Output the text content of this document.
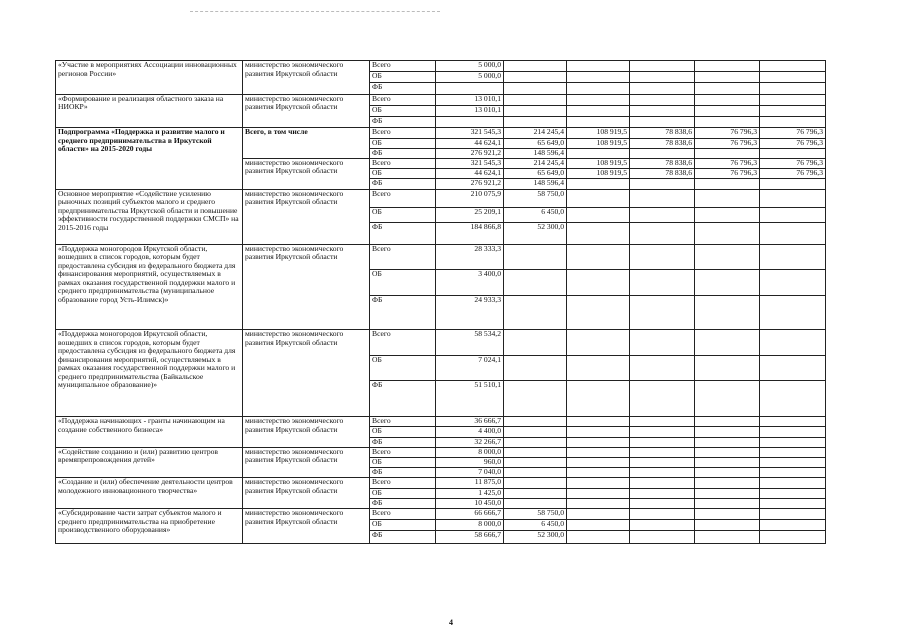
«Участие в мероприятиях Ассоциации инновационных регионов России»	министерство экономического развития Иркутской области	Всего	5 000,0					
		ОБ	5 000,0					
		ФБ						
«Формирование и реализация областного заказа на НИОКР»	министерство экономического развития Иркутской области	Всего	13 010,1					
		ОБ	13 010,1					
		ФБ						
Подпрограмма «Поддержка и развитие малого и среднего предпринимательства в Иркутской области» на 2015-2020 годы	Всего, в том числе	Всего	321 545,3	214 245,4	108 919,5	78 838,6	76 796,3	76 796,3
		ОБ	44 624,1	65 649,0	108 919,5	78 838,6	76 796,3	76 796,3
		ФБ	276 921,2	148 596,4				
	министерство экономического развития Иркутской области	Всего	321 545,3	214 245,4	108 919,5	78 838,6	76 796,3	76 796,3
		ОБ	44 624,1	65 649,0	108 919,5	78 838,6	76 796,3	76 796,3
		ФБ	276 921,2	148 596,4				
Основное мероприятие «Содействие усилению рыночных позиций субъектов малого и среднего предпринимательства Иркутской области и повышение эффективности государственной поддержки СМСП» на 2015-2016 годы	министерство экономического развития Иркутской области	Всего	210 075,9	58 750,0				
		ОБ	25 209,1	6 450,0				
		ФБ	184 866,8	52 300,0				
«Поддержка моногородов Иркутской области, вошедших в список городов, которым будет предоставлена субсидия из федерального бюджета для финансирования мероприятий, осуществляемых в рамках оказания государственной поддержки малого и среднего предпринимательства (муниципальное образование город Усть-Илимск)»	министерство экономического развития Иркутской области	Всего	28 333,3					
		ОБ	3 400,0					
		ФБ	24 933,3					
«Поддержка моногородов Иркутской области, вошедших в список городов, которым будет предоставлена субсидия из федерального бюджета для финансирования мероприятий, осуществляемых в рамках оказания государственной поддержки малого и среднего предпринимательства (Байкальское муниципальное образование)»	министерство экономического развития Иркутской области	Всего	58 534,2					
		ОБ	7 024,1					
		ФБ	51 510,1					
«Поддержка начинающих - гранты начинающим на создание собственного бизнеса»	министерство экономического развития Иркутской области	Всего	36 666,7					
		ОБ	4 400,0					
		ФБ	32 266,7					
«Содействие созданию и (или) развитию центров времяпрепровождения детей»	министерство экономического развития Иркутской области	Всего	8 000,0					
		ОБ	960,0					
		ФБ	7 040,0					
«Создание и (или) обеспечение деятельности центров молодежного инновационного творчества»	министерство экономического развития Иркутской области	Всего	11 875,0					
		ОБ	1 425,0					
		ФБ	10 450,0					
«Субсидирование части затрат субъектов малого и среднего предпринимательства на приобретение производственного оборудования»	министерство экономического развития Иркутской области	Всего	66 666,7	58 750,0				
		ОБ	8 000,0	6 450,0				
		ФБ	58 666,7	52 300,0				
4
